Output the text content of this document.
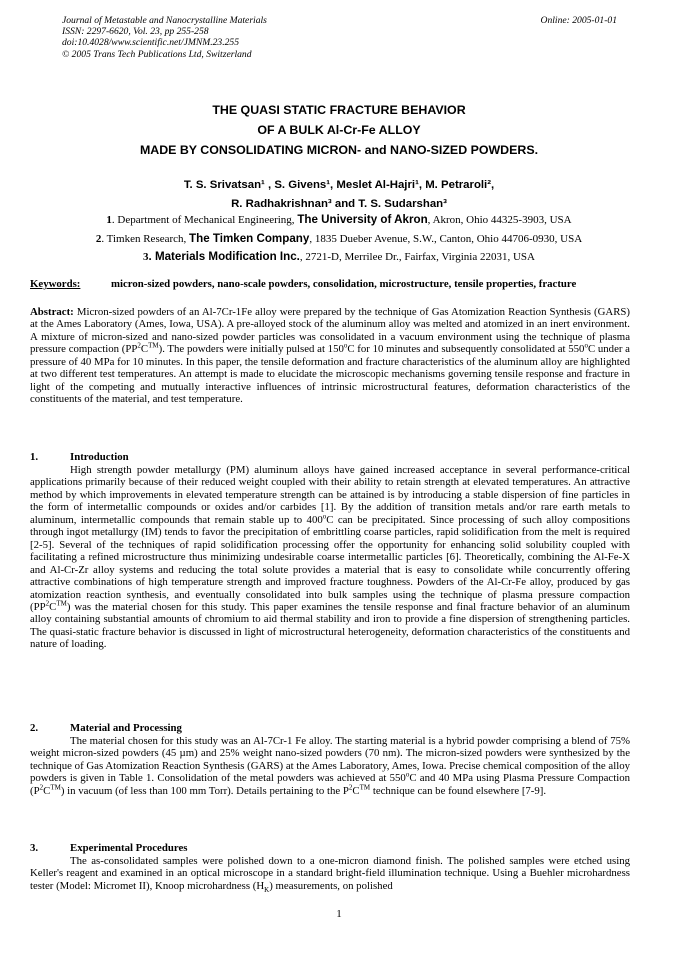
Journal of Metastable and Nanocrystalline Materials
ISSN: 2297-6620, Vol. 23, pp 255-258
doi:10.4028/www.scientific.net/JMNM.23.255
© 2005 Trans Tech Publications Ltd, Switzerland
Online: 2005-01-01
THE QUASI STATIC FRACTURE BEHAVIOR
OF A BULK Al-Cr-Fe ALLOY
MADE BY CONSOLIDATING MICRON- and NANO-SIZED POWDERS.
T. S. Srivatsan¹ , S. Givens¹, Meslet Al-Hajri¹, M. Petraroli²,
R. Radhakrishnan³ and T. S. Sudarshan³
1. Department of Mechanical Engineering, The University of Akron, Akron, Ohio 44325-3903, USA
2. Timken Research, The Timken Company, 1835 Dueber Avenue, S.W., Canton, Ohio 44706-0930, USA
3. Materials Modification Inc., 2721-D, Merrilee Dr., Fairfax, Virginia 22031, USA
Keywords:	micron-sized powders, nano-scale powders, consolidation, microstructure, tensile properties, fracture

Abstract: Micron-sized powders of an Al-7Cr-1Fe alloy were prepared by the technique of Gas Atomization Reaction Synthesis (GARS) at the Ames Laboratory (Ames, Iowa, USA). A pre-alloyed stock of the aluminum alloy was melted and atomized in an inert environment. A mixture of micron-sized and nano-sized powder particles was consolidated in a vacuum environment using the technique of plasma pressure compaction $(PP^2C™)$. The powders were initially pulsed at 150$^o$C for 10 minutes and subsequently consolidated at 550$^o$C under a pressure of 40 MPa for 10 minutes. In this paper, the tensile deformation and fracture characteristics of the aluminum alloy are highlighted at two different test temperatures. An attempt is made to elucidate the microscopic mechanisms governing tensile response and fracture in light of the competing and mutually interactive influences of intrinsic microstructural features, deformation characteristics of the constituents of the material, and test temperature.

1.	Introduction

High strength powder metallurgy (PM) aluminum alloys have gained increased acceptance in several performance-critical applications primarily because of their reduced weight coupled with their ability to retain strength at elevated temperatures. An attractive method by which improvements in elevated temperature strength can be attained is by introducing a stable dispersion of fine particles in the form of intermetallic compounds or oxides and/or carbides [1]. By the addition of transition metals and/or rare earth metals to aluminum, intermetallic compounds that remain stable up to 400$^o$C can be precipitated. Since processing of such alloy compositions through ingot metallurgy (IM) tends to favor the precipitation of embrittling coarse particles, rapid solidification from the melt is required [2-5]. Several of the techniques of rapid solidification processing offer the opportunity for enhancing solid solubility coupled with facilitating a refined microstructure thus minimizing undesirable coarse intermetallic particles [6]. Theoretically, combining the Al-Fe-X and Al-Cr-Zr alloy systems and reducing the total solute provides a material that is easy to consolidate while concurrently offering attractive combinations of high temperature strength and improved fracture toughness. Powders of the Al-Cr-Fe alloy, produced by gas atomization reaction synthesis, and eventually consolidated into bulk samples using the technique of plasma pressure compaction $(PP^2C™)$ was the material chosen for this study. This paper examines the tensile response and final fracture behavior of an aluminum alloy containing substantial amounts of chromium to aid thermal stability and iron to provide a fine dispersion of strengthening particles. The quasi-static fracture behavior is discussed in light of microstructural heterogeneity, deformation characteristics of the constituents and nature of loading.

2.	Material and Processing

The material chosen for this study was an Al-7Cr-1 Fe alloy. The starting material is a hybrid powder comprising a blend of 75% weight micron-sized powders (45 µm) and 25% weight nano-sized powders (70 nm). The micron-sized powders were synthesized by the technique of Gas Atomization Reaction Synthesis (GARS) at the Ames Laboratory, Ames, Iowa. Precise chemical composition of the alloy powders is given in Table 1. Consolidation of the metal powders was achieved at 550$^o$C and 40 MPa using Plasma Pressure Compaction $(P^2C™)$ in vacuum (of less than 100 mm Torr). Details pertaining to the $P^2C™$ technique can be found elsewhere [7-9].

3.	Experimental Procedures

The as-consolidated samples were polished down to a one-micron diamond finish. The polished samples were etched using Keller's reagent and examined in an optical microscope in a standard bright-field illumination technique. Using a Buehler microhardness tester (Model: Micromet II), Knoop microhardness $(H_K)$ measurements, on polished

1
